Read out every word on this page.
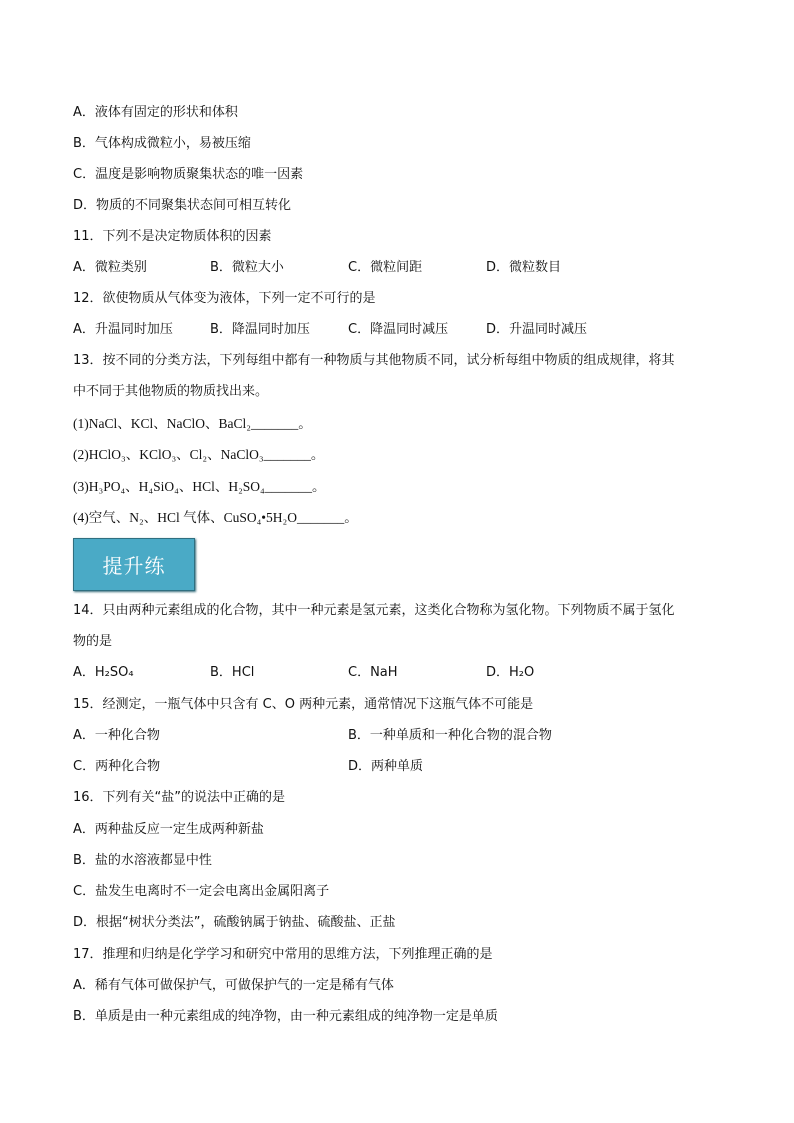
A．液体有固定的形状和体积
B．气体构成微粒小，易被压缩
C．温度是影响物质聚集状态的唯一因素
D．物质的不同聚集状态间可相互转化
11．下列不是决定物质体积的因素
A．微粒类别	B．微粒大小	C．微粒间距	D．微粒数目
12．欲使物质从气体变为液体，下列一定不可行的是
A．升温同时加压	B．降温同时加压	C．降温同时减压	D．升温同时减压
13．按不同的分类方法，下列每组中都有一种物质与其他物质不同，试分析每组中物质的组成规律，将其
中不同于其他物质的物质找出来。
(1)NaCl、KCl、NaClO、BaCl₂_______。
(2)HClO₃、KClO₃、Cl₂、NaClO₃_______。
(3)H₃PO₄、H₄SiO₄、HCl、H₂SO₄_______。
(4)空气、N₂、HCl 气体、CuSO₄•5H₂O_______。
提升练
14．只由两种元素组成的化合物，其中一种元素是氢元素，这类化合物称为氢化物。下列物质不属于氢化
物的是
A．H₂SO₄	B．HCl	C．NaH	D．H₂O
15．经测定，一瓶气体中只含有 C、O 两种元素，通常情况下这瓶气体不可能是
A．一种化合物	B．一种单质和一种化合物的混合物
C．两种化合物	D．两种单质
16．下列有关“盐”的说法中正确的是
A．两种盐反应一定生成两种新盐
B．盐的水溶液都显中性
C．盐发生电离时不一定会电离出金属阳离子
D．根据“树状分类法”，硫酸钠属于钠盐、硫酸盐、正盐
17．推理和归纳是化学学习和研究中常用的思维方法，下列推理正确的是
A．稀有气体可做保护气，可做保护气的一定是稀有气体
B．单质是由一种元素组成的纯净物，由一种元素组成的纯净物一定是单质
